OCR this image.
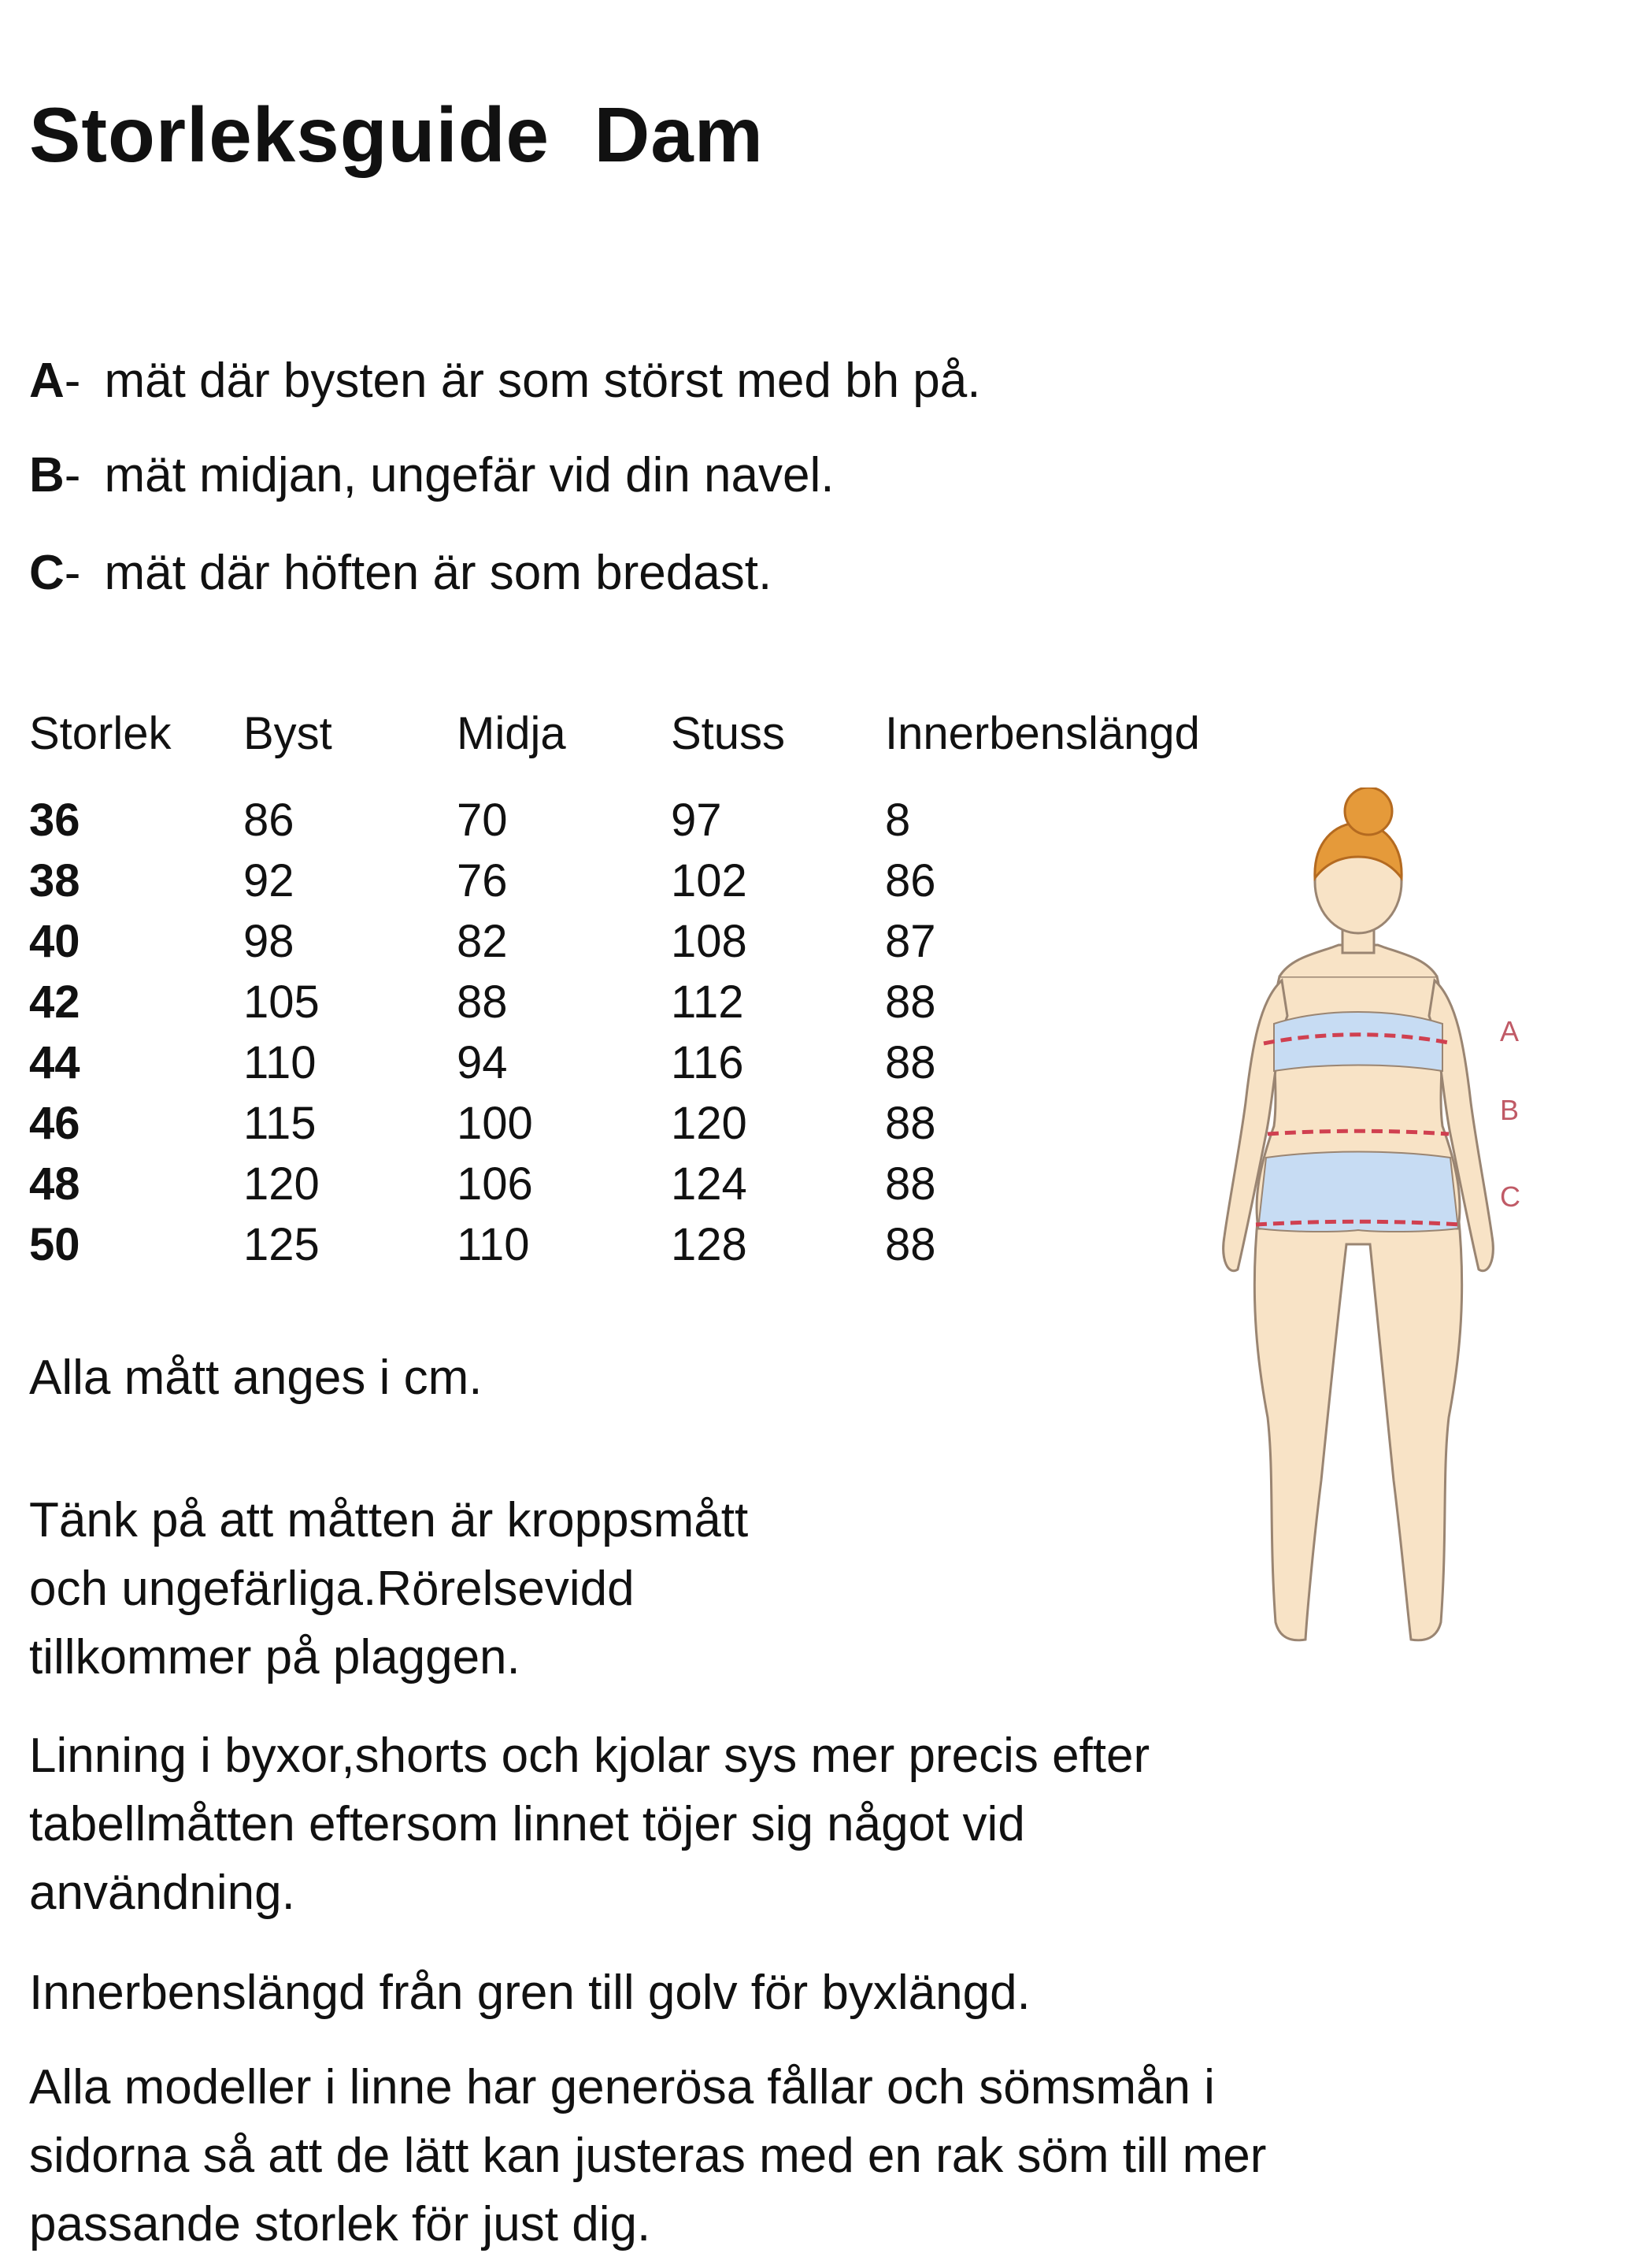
Storleksguide  Dam
A- mät där bysten är som störst med bh på.
B- mät midjan, ungefär vid din navel.
C- mät där höften är som bredast.
Storlek Byst	Midja Stuss Innerbenslängd
36	86	70	97	8
38	92	76	102	86
40	98	82	108	87
42	105	88	112	88
44	110	94	116	88
46	115	100	120	88
48	120	106	124	88
50	125	110	128	88

Alla mått anges i cm.

Tänk på att måtten är kroppsmått
och ungefärliga.Rörelsevidd
tillkommer på plaggen.

Linning i byxor,shorts och kjolar sys mer precis efter
tabellmåtten eftersom linnet töjer sig något vid
användning.

Innerbenslängd från gren till golv för byxlängd.

Alla modeller i linne har generösa fållar och sömsmån i
sidorna så att de lätt kan justeras med en rak söm till mer
passande storlek för just dig.

A
B
C
